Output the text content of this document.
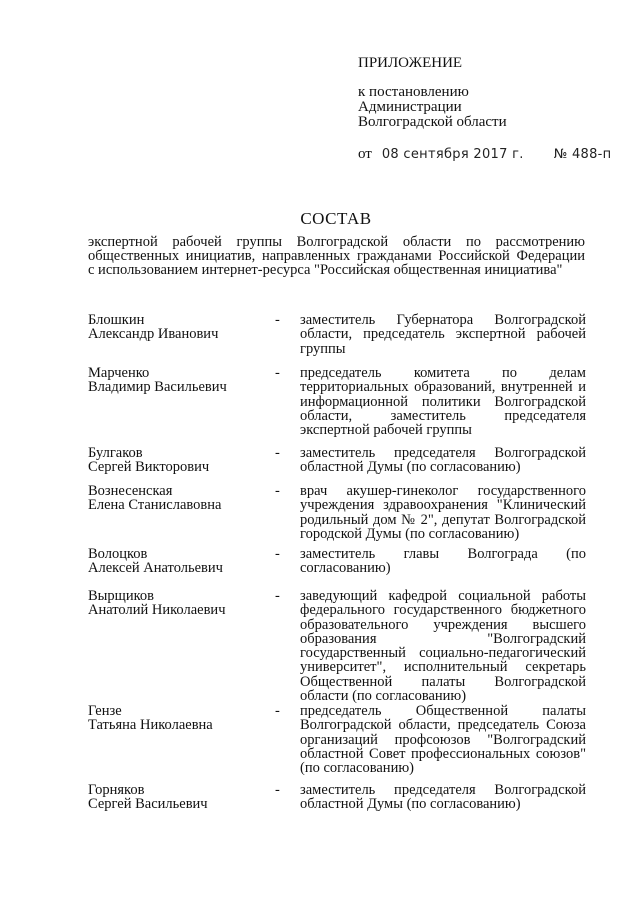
ПРИЛОЖЕНИЕ
к постановлению
Администрации
Волгоградской области
от 08 сентября 2017 г. № 488-п
СОСТАВ
экспертной рабочей группы Волгоградской области по рассмотрению
общественных инициатив, направленных гражданами Российской Федерации
с использованием интернет-ресурса "Российская общественная инициатива"
Блошкин
Александр Иванович
- заместитель Губернатора Волгоградской области, председатель экспертной рабочей группы
Марченко
Владимир Васильевич
- председатель комитета по делам территориальных образований, внутренней и информационной политики Волгоградской области, заместитель председателя экспертной рабочей группы
Булгаков
Сергей Викторович
- заместитель председателя Волгоградской областной Думы (по согласованию)
Вознесенская
Елена Станиславовна
- врач акушер-гинеколог государственного учреждения здравоохранения "Клинический родильный дом № 2", депутат Волгоградской городской Думы (по согласованию)
Волоцков
Алексей Анатольевич
- заместитель главы Волгограда (по согласованию)
Вырщиков
Анатолий Николаевич
- заведующий кафедрой социальной работы федерального государственного бюджетного образовательного учреждения высшего образования "Волгоградский государственный социально-педагогический университет", исполнительный секретарь Общественной палаты Волгоградской области (по согласованию)
Гензе
Татьяна Николаевна
- председатель Общественной палаты Волгоградской области, председатель Союза организаций профсоюзов "Волгоградский областной Совет профессиональных союзов" (по согласованию)
Горняков
Сергей Васильевич
- заместитель председателя Волгоградской областной Думы (по согласованию)
